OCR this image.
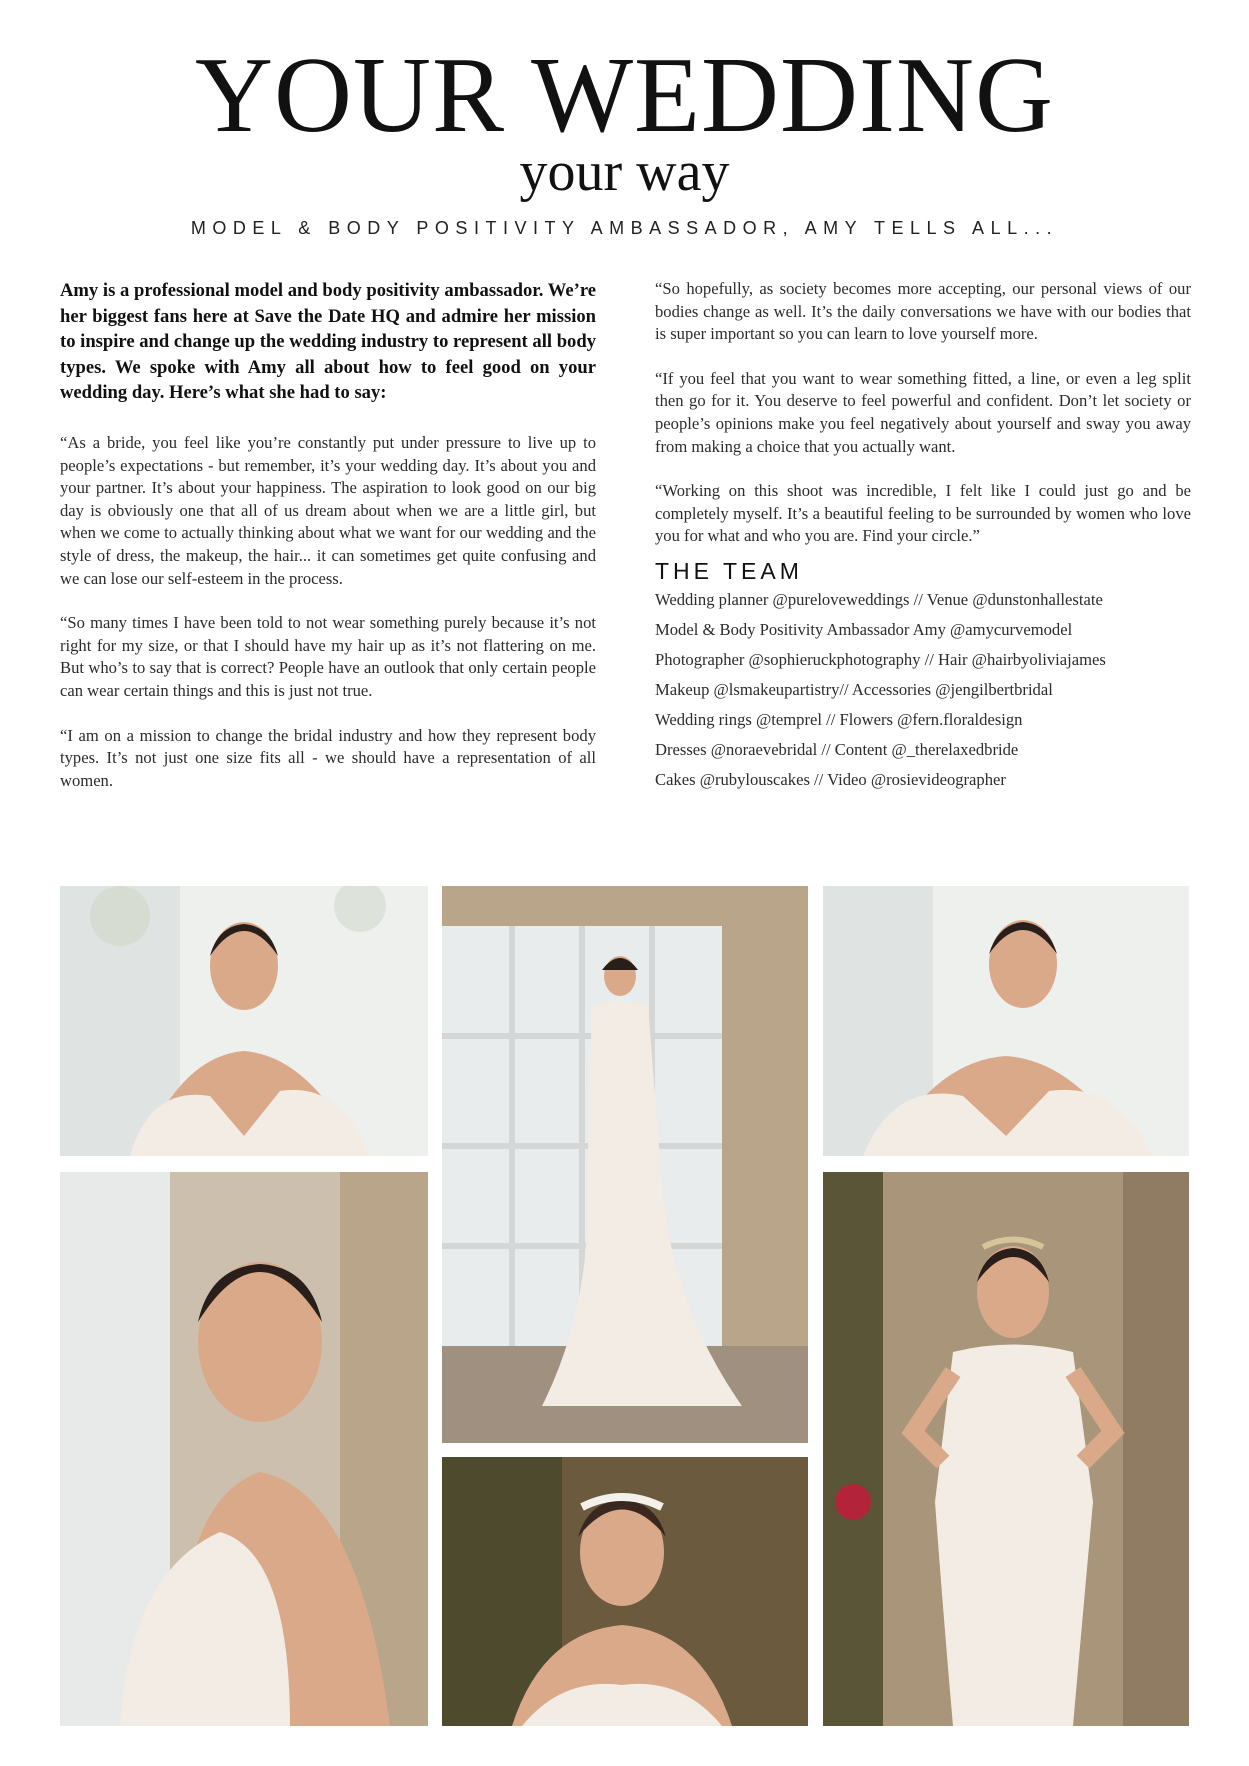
YOUR WEDDING
your way
MODEL & BODY POSITIVITY AMBASSADOR, AMY TELLS ALL...

Amy is a professional model and body positivity ambassador. We’re her biggest fans here at Save the Date HQ and admire her mission to inspire and change up the wedding industry to represent all body types. We spoke with Amy all about how to feel good on your wedding day. Here’s what she had to say:

“As a bride, you feel like you’re constantly put under pressure to live up to people’s expectations - but remember, it’s your wedding day. It’s about you and your partner. It’s about your happiness. The aspiration to look good on our big day is obviously one that all of us dream about when we are a little girl, but when we come to actually thinking about what we want for our wedding and the style of dress, the makeup, the hair... it can sometimes get quite confusing and we can lose our self-esteem in the process.

“So many times I have been told to not wear something purely because it’s not right for my size, or that I should have my hair up as it’s not flattering on me. But who’s to say that is correct? People have an outlook that only certain people can wear certain things and this is just not true.

“I am on a mission to change the bridal industry and how they represent body types. It’s not just one size fits all - we should have a representation of all women.

“So hopefully, as society becomes more accepting, our personal views of our bodies change as well. It’s the daily conversations we have with our bodies that is super important so you can learn to love yourself more.

“If you feel that you want to wear something fitted, a line, or even a leg split then go for it. You deserve to feel powerful and confident. Don’t let society or people’s opinions make you feel negatively about yourself and sway you away from making a choice that you actually want.

“Working on this shoot was incredible, I felt like I could just go and be completely myself. It’s a beautiful feeling to be surrounded by women who love you for what and who you are. Find your circle.”

THE TEAM
Wedding planner @pureloveweddings // Venue @dunstonhallestate
Model & Body Positivity Ambassador Amy @amycurvemodel
Photographer @sophieruckphotography // Hair @hairbyoliviajames
Makeup @lsmakeupartistry// Accessories @jengilbertbridal
Wedding rings @temprel // Flowers @fern.floraldesign
Dresses @noraevebridal // Content @_therelaxedbride
Cakes @rubylouscakes // Video @rosievideographer
